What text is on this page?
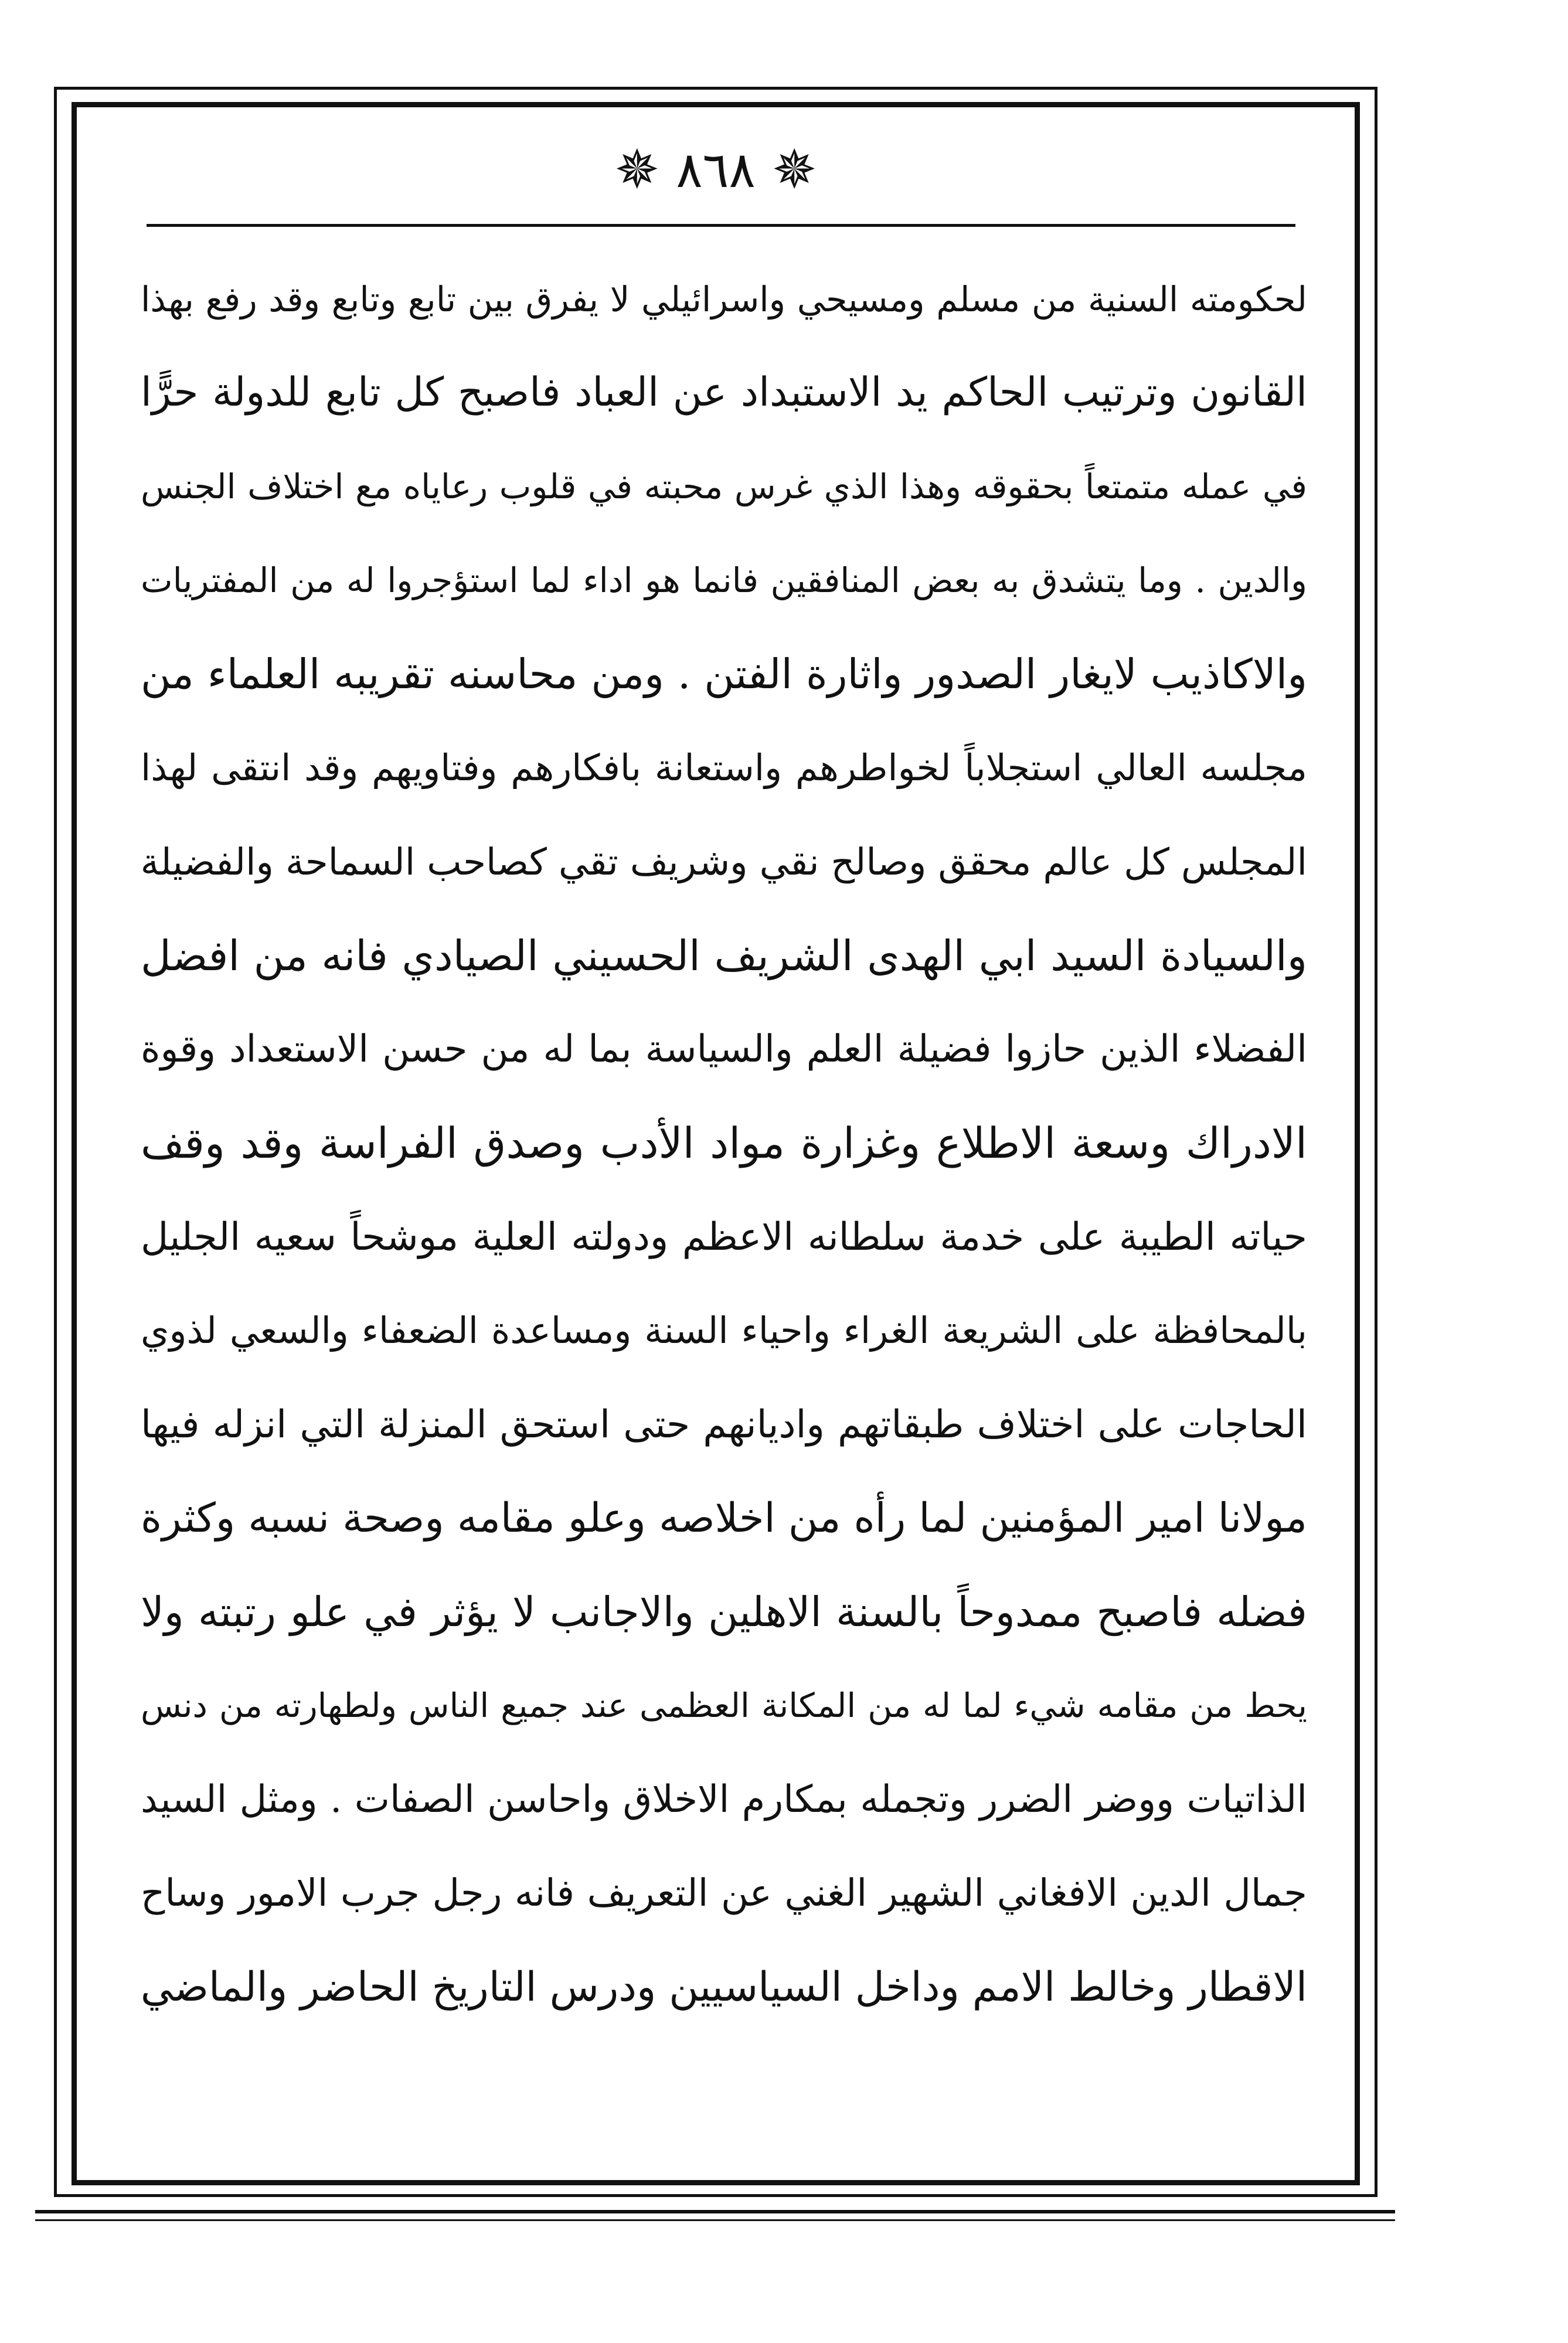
✵ ٨٦٨ ✵
لحكومته السنية من مسلم ومسيحي واسرائيلي لا يفرق بين تابع وتابع وقد رفع بهذا
القانون وترتيب الحاكم يد الاستبداد عن العباد فاصبح كل تابع للدولة حرًّا
في عمله متمتعاً بحقوقه وهذا الذي غرس محبته في قلوب رعاياه مع اختلاف الجنس
والدين . وما يتشدق به بعض المنافقين فانما هو اداء لما استؤجروا له من المفتريات
والاكاذيب لايغار الصدور واثارة الفتن . ومن محاسنه تقريبه العلماء من
مجلسه العالي استجلاباً لخواطرهم واستعانة بافكارهم وفتاويهم وقد انتقى لهذا
المجلس كل عالم محقق وصالح نقي وشريف تقي كصاحب السماحة والفضيلة
والسيادة السيد ابي الهدى الشريف الحسيني الصيادي فانه من افضل
الفضلاء الذين حازوا فضيلة العلم والسياسة بما له من حسن الاستعداد وقوة
الادراك وسعة الاطلاع وغزارة مواد الأدب وصدق الفراسة وقد وقف
حياته الطيبة على خدمة سلطانه الاعظم ودولته العلية موشحاً سعيه الجليل
بالمحافظة على الشريعة الغراء واحياء السنة ومساعدة الضعفاء والسعي لذوي
الحاجات على اختلاف طبقاتهم واديانهم حتى استحق المنزلة التي انزله فيها
مولانا امير المؤمنين لما رأه من اخلاصه وعلو مقامه وصحة نسبه وكثرة
فضله فاصبح ممدوحاً بالسنة الاهلين والاجانب لا يؤثر في علو رتبته ولا
يحط من مقامه شيء لما له من المكانة العظمى عند جميع الناس ولطهارته من دنس
الذاتيات ووضر الضرر وتجمله بمكارم الاخلاق واحاسن الصفات . ومثل السيد
جمال الدين الافغاني الشهير الغني عن التعريف فانه رجل جرب الامور وساح
الاقطار وخالط الامم وداخل السياسيين ودرس التاريخ الحاضر والماضي
